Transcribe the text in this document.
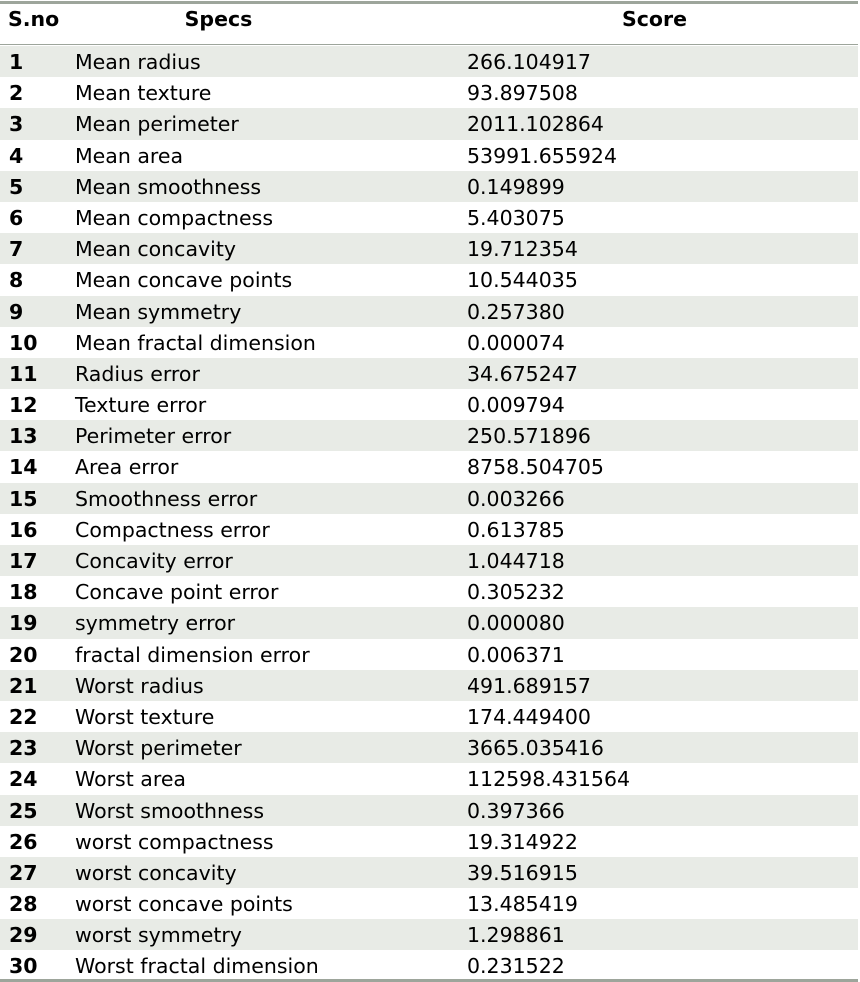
S.no	Specs	Score
1	Mean radius	266.104917
2	Mean texture	93.897508
3	Mean perimeter	2011.102864
4	Mean area	53991.655924
5	Mean smoothness	0.149899
6	Mean compactness	5.403075
7	Mean concavity	19.712354
8	Mean concave points	10.544035
9	Mean symmetry	0.257380
10 Mean fractal dimension	0.000074
11 Radius error	34.675247
12 Texture error	0.009794
13 Perimeter error	250.571896
14 Area error	8758.504705
15 Smoothness error	0.003266
16 Compactness error	0.613785
17 Concavity error	1.044718
18 Concave point error	0.305232
19 symmetry error	0.000080
20 fractal dimension error	0.006371
21 Worst radius	491.689157
22 Worst texture	174.449400
23 Worst perimeter	3665.035416
24 Worst area	112598.431564
25 Worst smoothness	0.397366
26 worst compactness	19.314922
27 worst concavity	39.516915
28 worst concave points	13.485419
29 worst symmetry	1.298861
30 Worst fractal dimension	0.231522
